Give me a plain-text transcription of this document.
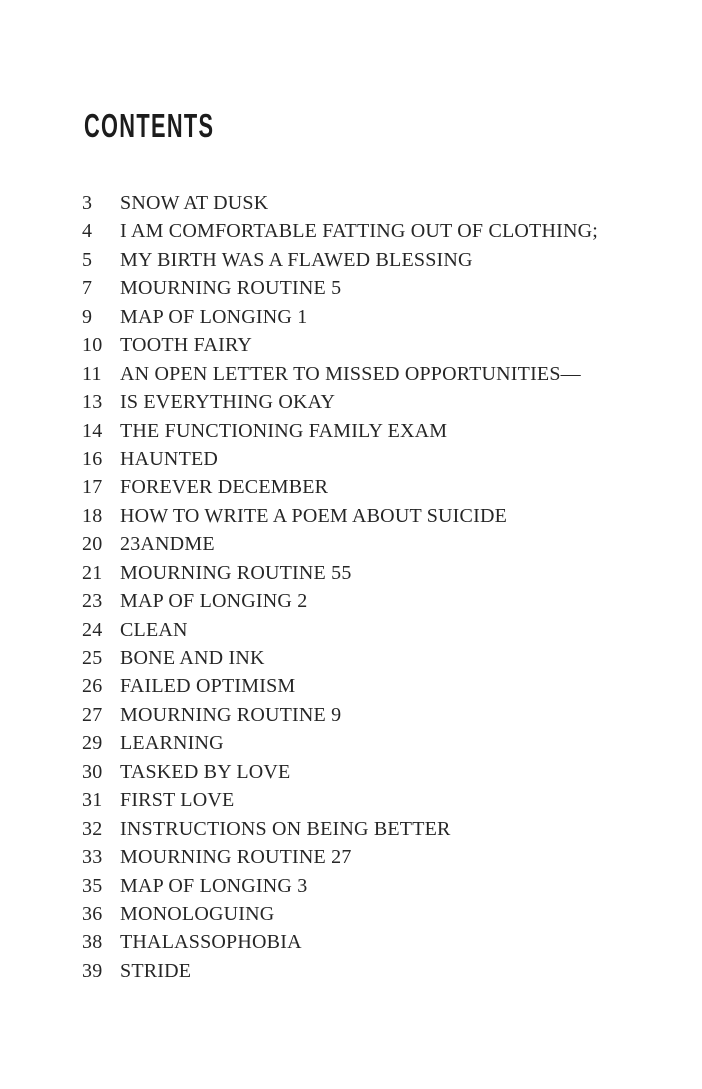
CONTENTS
3	SNOW AT DUSK
4	I AM COMFORTABLE FATTING OUT OF CLOTHING;
5	MY BIRTH WAS A FLAWED BLESSING
7	MOURNING ROUTINE 5
9	MAP OF LONGING 1
10 TOOTH FAIRY
11 AN OPEN LETTER TO MISSED OPPORTUNITIES—
13 IS EVERYTHING OKAY
14 THE FUNCTIONING FAMILY EXAM
16 HAUNTED
17 FOREVER DECEMBER
18 HOW TO WRITE A POEM ABOUT SUICIDE
20 23ANDME
21 MOURNING ROUTINE 55
23 MAP OF LONGING 2
24 CLEAN
25 BONE AND INK
26 FAILED OPTIMISM
27 MOURNING ROUTINE 9
29 LEARNING
30 TASKED BY LOVE
31 FIRST LOVE
32 INSTRUCTIONS ON BEING BETTER
33 MOURNING ROUTINE 27
35 MAP OF LONGING 3
36 MONOLOGUING
38 THALASSOPHOBIA
39 STRIDE
